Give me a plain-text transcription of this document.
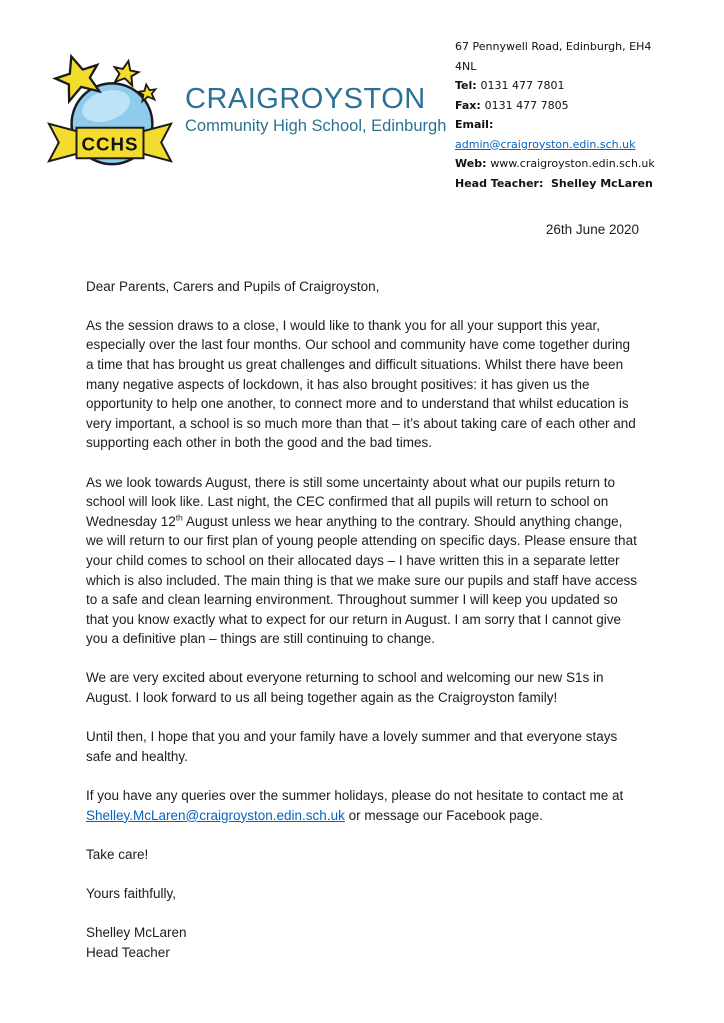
CCHS
CRAIGROYSTON
Community High School, Edinburgh
67 Pennywell Road, Edinburgh, EH4
4NL
Tel: 0131 477 7801
Fax: 0131 477 7805
Email:
admin@craigroyston.edin.sch.uk
Web: www.craigroyston.edin.sch.uk
Head Teacher:  Shelley McLaren
26th June 2020
Dear Parents, Carers and Pupils of Craigroyston,

As the session draws to a close, I would like to thank you for all your support this year, especially over the last four months. Our school and community have come together during a time that has brought us great challenges and difficult situations. Whilst there have been many negative aspects of lockdown, it has also brought positives: it has given us the opportunity to help one another, to connect more and to understand that whilst education is very important, a school is so much more than that – it’s about taking care of each other and supporting each other in both the good and the bad times.

As we look towards August, there is still some uncertainty about what our pupils return to school will look like. Last night, the CEC confirmed that all pupils will return to school on Wednesday 12th August unless we hear anything to the contrary. Should anything change, we will return to our first plan of young people attending on specific days. Please ensure that your child comes to school on their allocated days – I have written this in a separate letter which is also included. The main thing is that we make sure our pupils and staff have access to a safe and clean learning environment. Throughout summer I will keep you updated so that you know exactly what to expect for our return in August. I am sorry that I cannot give you a definitive plan – things are still continuing to change.

We are very excited about everyone returning to school and welcoming our new S1s in August. I look forward to us all being together again as the Craigroyston family!

Until then, I hope that you and your family have a lovely summer and that everyone stays safe and healthy.

If you have any queries over the summer holidays, please do not hesitate to contact me at Shelley.McLaren@craigroyston.edin.sch.uk or message our Facebook page.

Take care!

Yours faithfully,

Shelley McLaren
Head Teacher
